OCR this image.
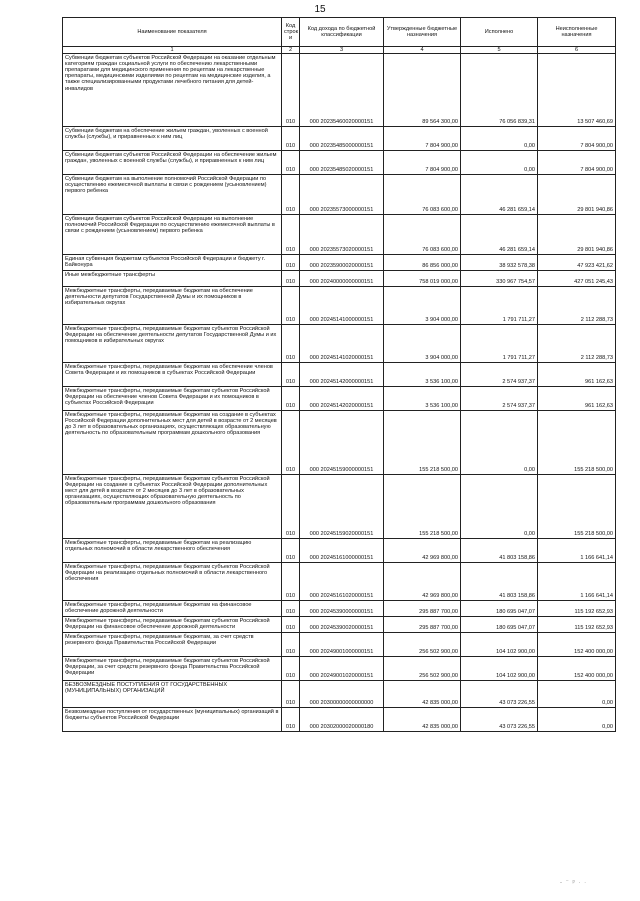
15
Наименование показателя	Код строк и	Код дохода по бюджетной классификации	Утвержденные бюджетные назначения	Исполнено	Неисполненные назначения
1	2	3	4	5	6
Субвенции бюджетам субъектов Российской Федерации на оказание отдельным категориям граждан социальной услуги по обеспечению лекарственными препаратами для медицинского применения по рецептам на лекарственные препараты, медицинскими изделиями по рецептам на медицинские изделия, а также специализированными продуктами лечебного питания для детей-инвалидов	010	000 20235460020000151	89 564 300,00	76 056 839,31	13 507 460,69
Субвенции бюджетам на обеспечение жильем граждан, уволенных с военной службы (службы), и приравненных к ним лиц	010	000 20235485000000151	7 804 900,00	0,00	7 804 900,00
Субвенции бюджетам субъектов Российской Федерации на обеспечение жильем граждан, уволенных с военной службы (службы), и приравненных к ним лиц	010	000 20235485020000151	7 804 900,00	0,00	7 804 900,00
Субвенции бюджетам на выполнение полномочий Российской Федерации по осуществлению ежемесячной выплаты в связи с рождением (усыновлением) первого ребенка	010	000 20235573000000151	76 083 600,00	46 281 659,14	29 801 940,86
Субвенции бюджетам субъектов Российской Федерации на выполнение полномочий Российской Федерации по осуществлению ежемесячной выплаты в связи с рождением (усыновлением) первого ребенка	010	000 20235573020000151	76 083 600,00	46 281 659,14	29 801 940,86
Единая субвенция бюджетам субъектов Российской Федерации и бюджету г. Байконура	010	000 20235900020000151	86 856 000,00	38 932 578,38	47 923 421,62
Иные межбюджетные трансферты	010	000 20240000000000151	758 019 000,00	330 967 754,57	427 051 245,43
Межбюджетные трансферты, передаваемые бюджетам на обеспечение деятельности депутатов Государственной Думы и их помощников в избирательных округах	010	000 20245141000000151	3 904 000,00	1 791 711,27	2 112 288,73
Межбюджетные трансферты, передаваемые бюджетам субъектов Российской Федерации на обеспечение деятельности депутатов Государственной Думы и их помощников в избирательных округах	010	000 20245141020000151	3 904 000,00	1 791 711,27	2 112 288,73
Межбюджетные трансферты, передаваемые бюджетам на обеспечение членов Совета Федерации и их помощников в субъектах Российской Федерации	010	000 20245142000000151	3 536 100,00	2 574 937,37	961 162,63
Межбюджетные трансферты, передаваемые бюджетам субъектов Российской Федерации на обеспечение членов Совета Федерации и их помощников в субъектах Российской Федерации	010	000 20245142020000151	3 536 100,00	2 574 937,37	961 162,63
Межбюджетные трансферты, передаваемые бюджетам на создание в субъектах Российской Федерации дополнительных мест для детей в возрасте от 2 месяцев до 3 лет в образовательных организациях, осуществляющих образовательную деятельность по образовательным программам дошкольного образования	010	000 20245159000000151	155 218 500,00	0,00	155 218 500,00
Межбюджетные трансферты, передаваемые бюджетам субъектов Российской Федерации на создание в субъектах Российской Федерации дополнительных мест для детей в возрасте от 2 месяцев до 3 лет в образовательных организациях, осуществляющих образовательную деятельность по образовательным программам дошкольного образования	010	000 20245159020000151	155 218 500,00	0,00	155 218 500,00
Межбюджетные трансферты, передаваемые бюджетам на реализацию отдельных полномочий в области лекарственного обеспечения	010	000 20245161000000151	42 969 800,00	41 803 158,86	1 166 641,14
Межбюджетные трансферты, передаваемые бюджетам субъектов Российской Федерации на реализацию отдельных полномочий в области лекарственного обеспечения	010	000 20245161020000151	42 969 800,00	41 803 158,86	1 166 641,14
Межбюджетные трансферты, передаваемые бюджетам на финансовое обеспечение дорожной деятельности	010	000 20245390000000151	295 887 700,00	180 695 047,07	115 192 652,93
Межбюджетные трансферты, передаваемые бюджетам субъектов Российской Федерации на финансовое обеспечение дорожной деятельности	010	000 20245390020000151	295 887 700,00	180 695 047,07	115 192 652,93
Межбюджетные трансферты, передаваемые бюджетам, за счет средств резервного фонда Правительства Российской Федерации	010	000 20249001000000151	256 502 900,00	104 102 900,00	152 400 000,00
Межбюджетные трансферты, передаваемые бюджетам субъектов Российской Федерации, за счет средств резервного фонда Правительства Российской Федерации	010	000 20249001020000151	256 502 900,00	104 102 900,00	152 400 000,00
БЕЗВОЗМЕЗДНЫЕ ПОСТУПЛЕНИЯ ОТ ГОСУДАРСТВЕННЫХ (МУНИЦИПАЛЬНЫХ) ОРГАНИЗАЦИЙ	010	000 20300000000000000	42 835 000,00	43 073 226,55	0,00
Безвозмездные поступления от государственных (муниципальных) организаций в бюджеты субъектов Российской Федерации	010	000 20302000020000180	42 835 000,00	43 073 226,55	0,00
- ⁻ ᵖ · ·
